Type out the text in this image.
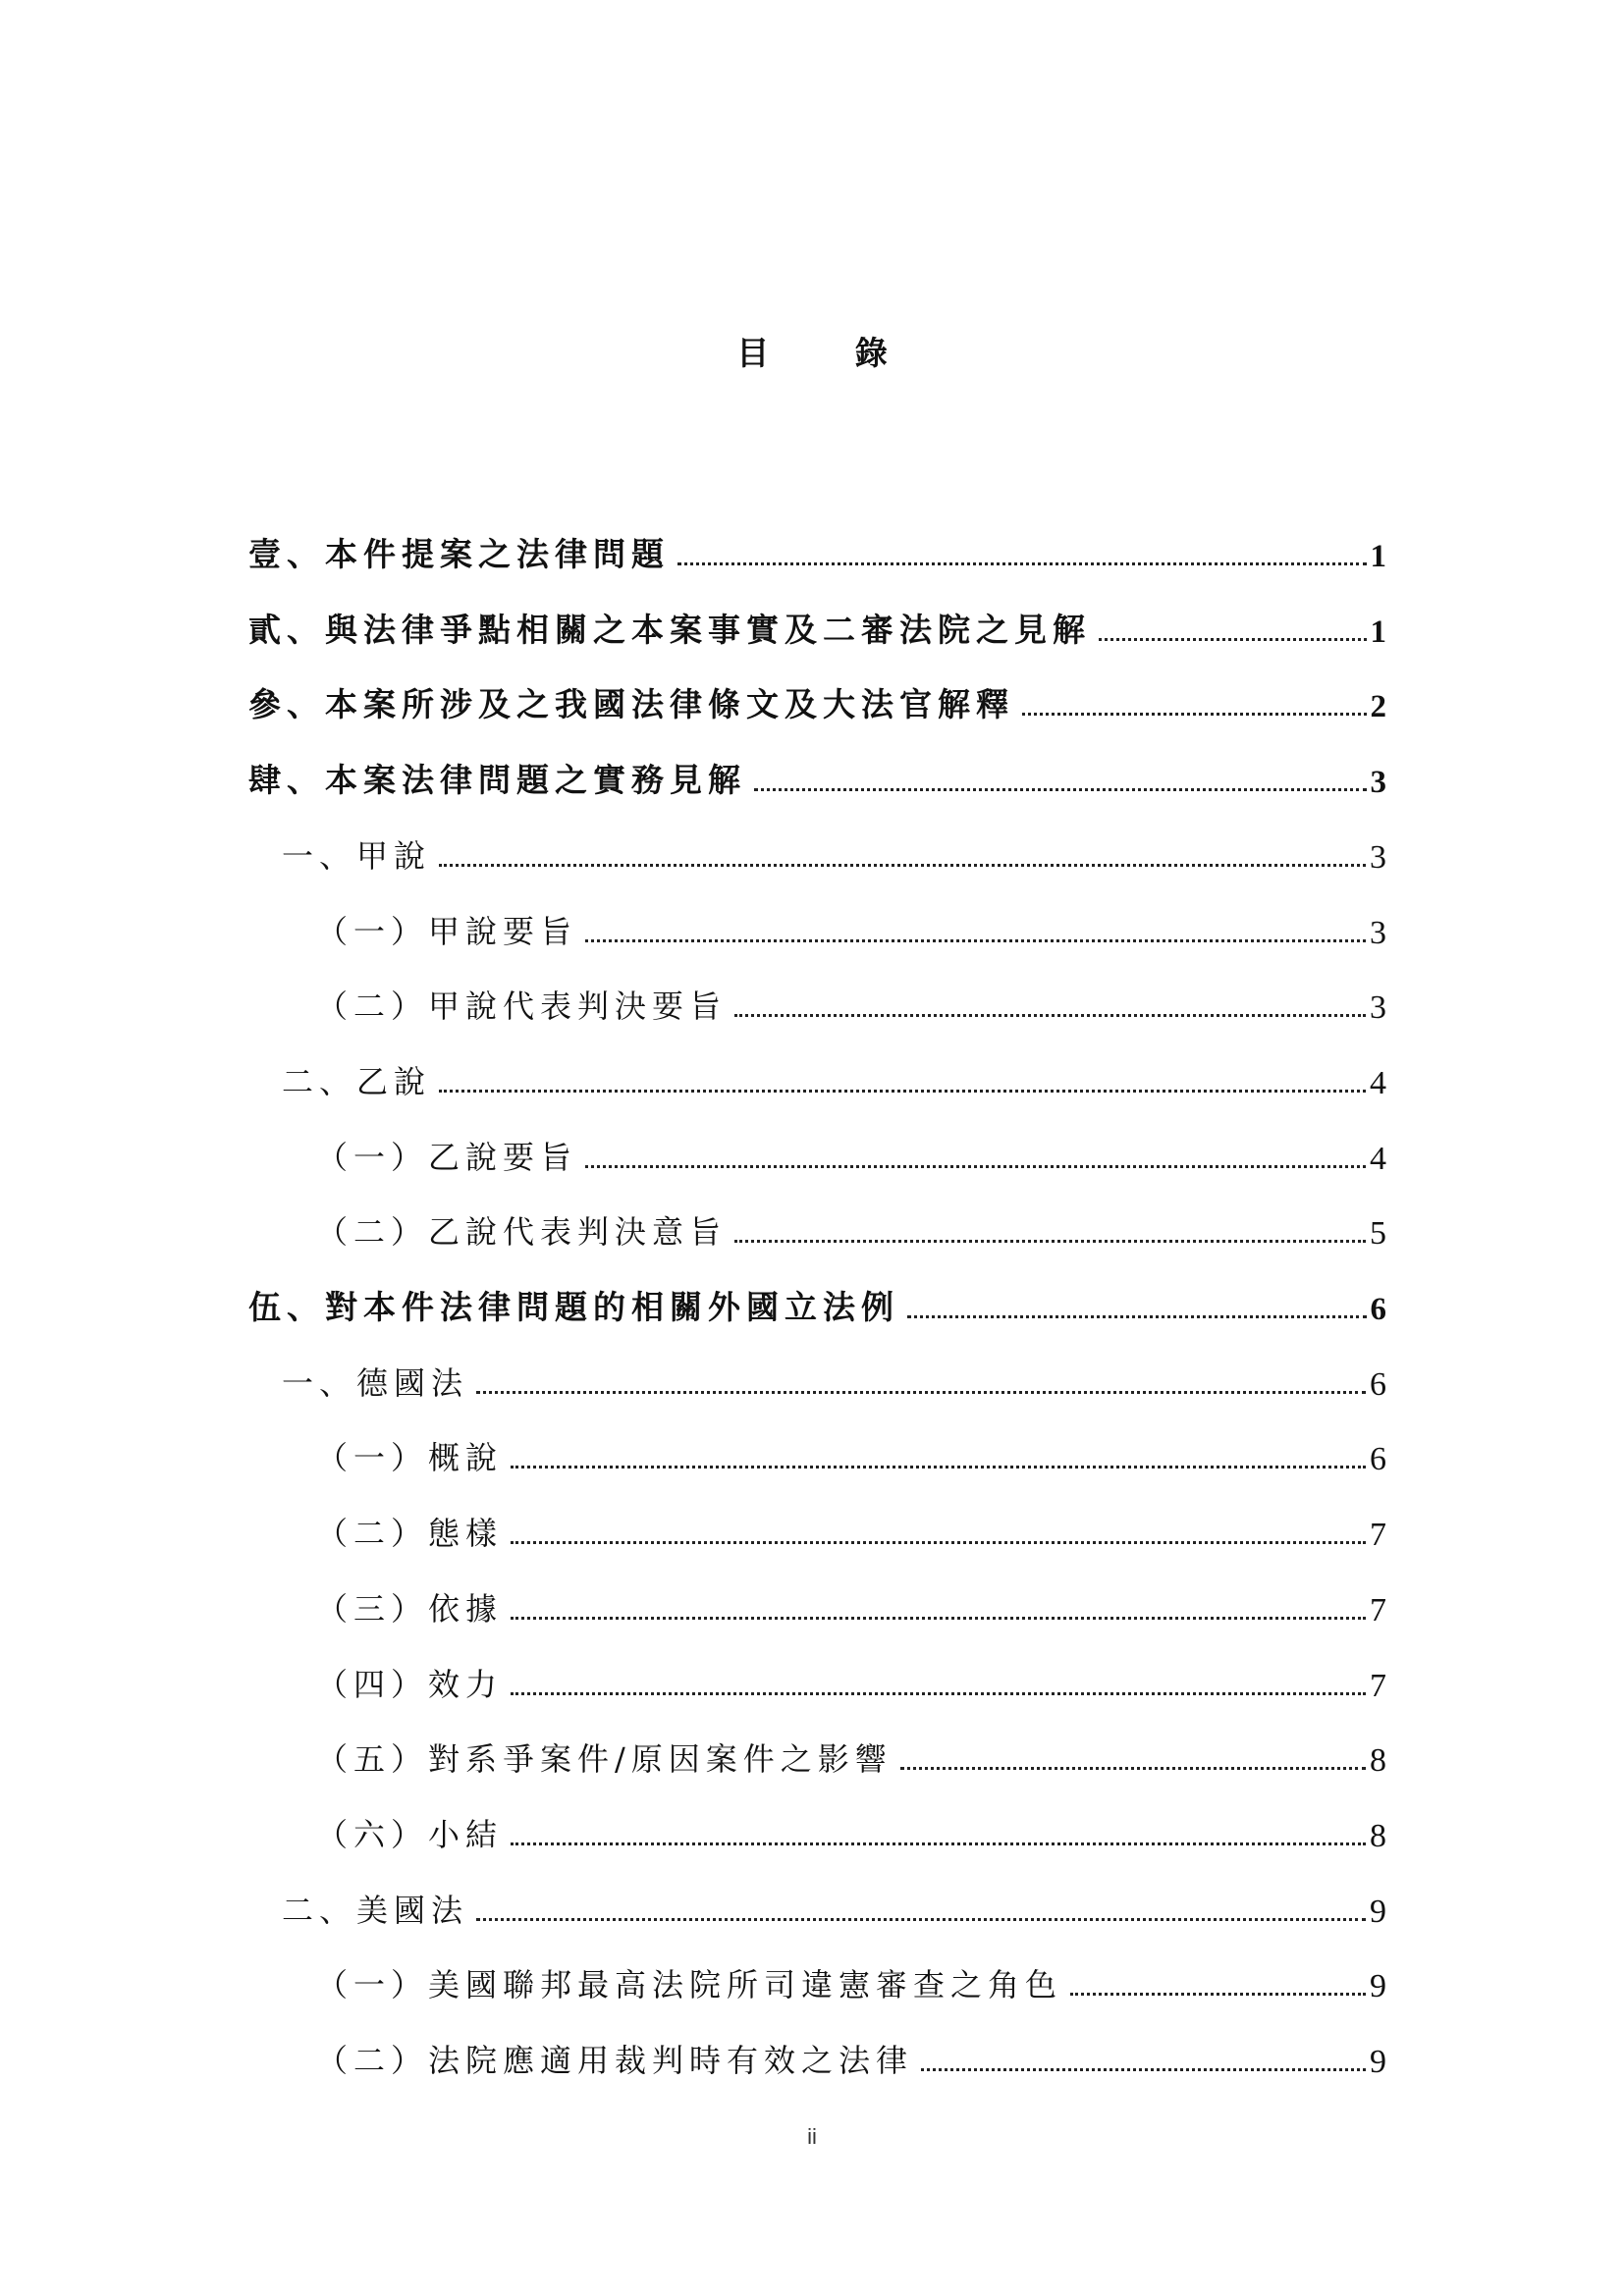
目 錄
壹、本件提案之法律問題	1
貳、與法律爭點相關之本案事實及二審法院之見解	1
參、本案所涉及之我國法律條文及大法官解釋	2
肆、本案法律問題之實務見解	3
一、甲說	3
（一）甲說要旨	3
（二）甲說代表判決要旨	3
二、乙說	4
（一）乙說要旨	4
（二）乙說代表判決意旨	5
伍、對本件法律問題的相關外國立法例	6
一、德國法	6
（一）概說	6
（二）態樣	7
（三）依據	7
（四）效力	7
（五）對系爭案件/原因案件之影響	8
（六）小結	8
二、美國法	9
（一）美國聯邦最高法院所司違憲審查之角色	9
（二）法院應適用裁判時有效之法律	9
ii
